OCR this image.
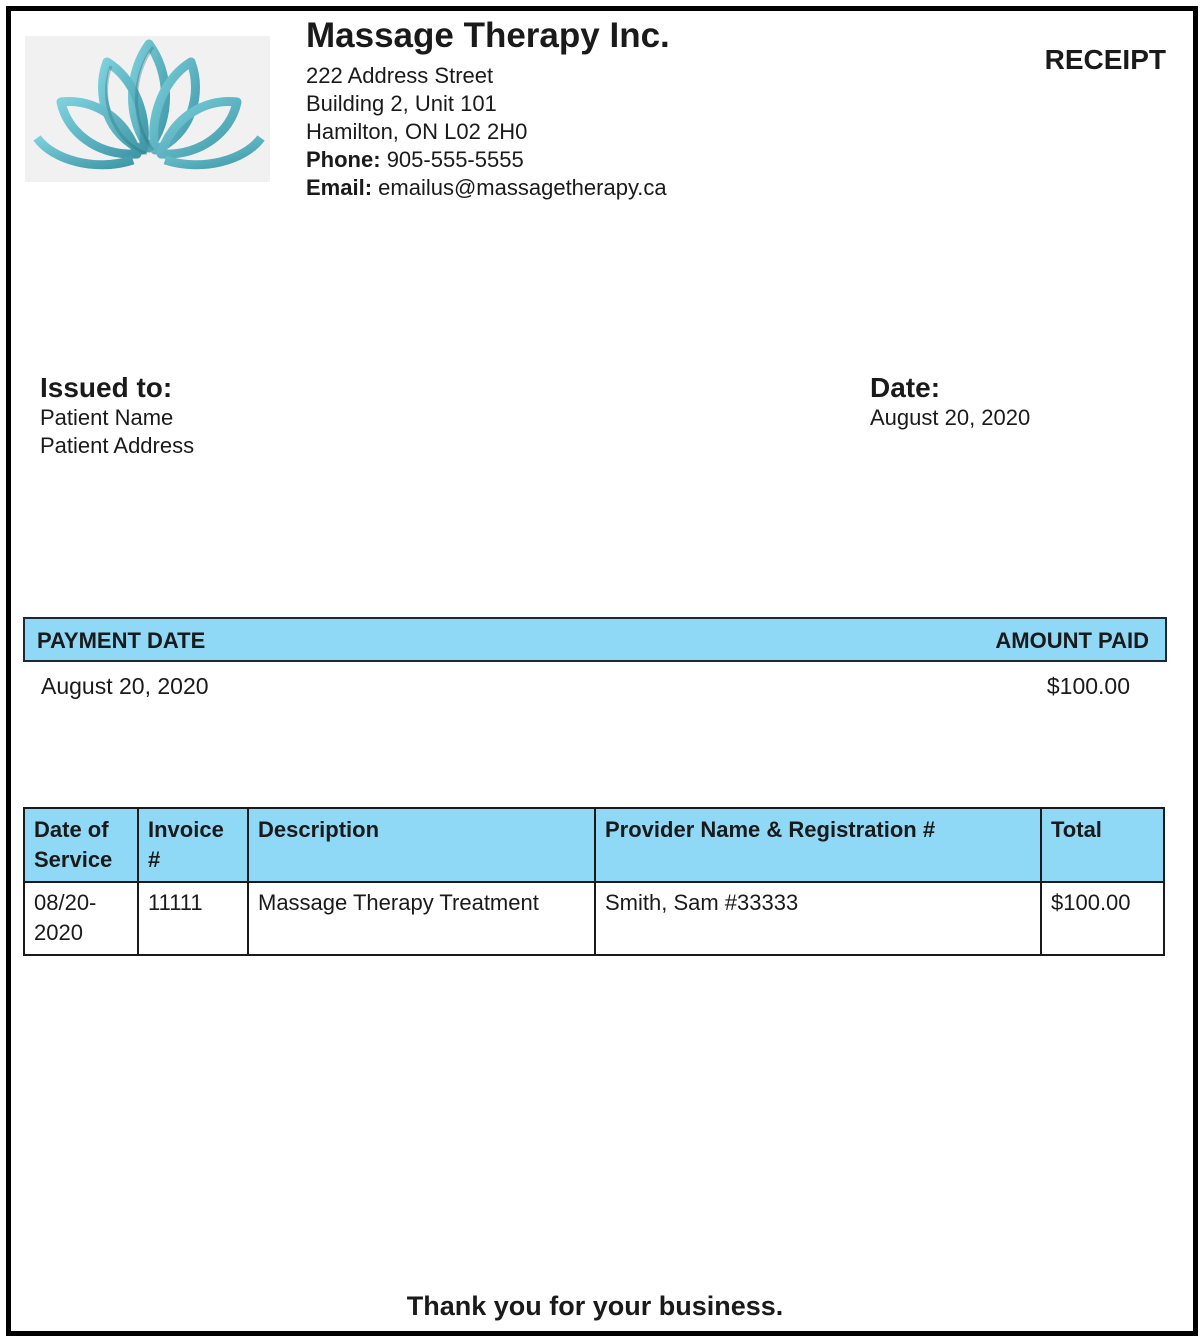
Massage Therapy Inc.
222 Address Street
Building 2, Unit 101
Hamilton, ON L02 2H0
Phone: 905-555-5555
Email: emailus@massagetherapy.ca
RECEIPT
Issued to:
Patient Name
Patient Address
Date:
August 20, 2020
PAYMENT DATE	AMOUNT PAID
August 20, 2020	$100.00
Date of Service	Invoice #	Description	Provider Name & Registration #	Total
08/20-2020	11111	Massage Therapy Treatment	Smith, Sam #33333	$100.00
Thank you for your business.
